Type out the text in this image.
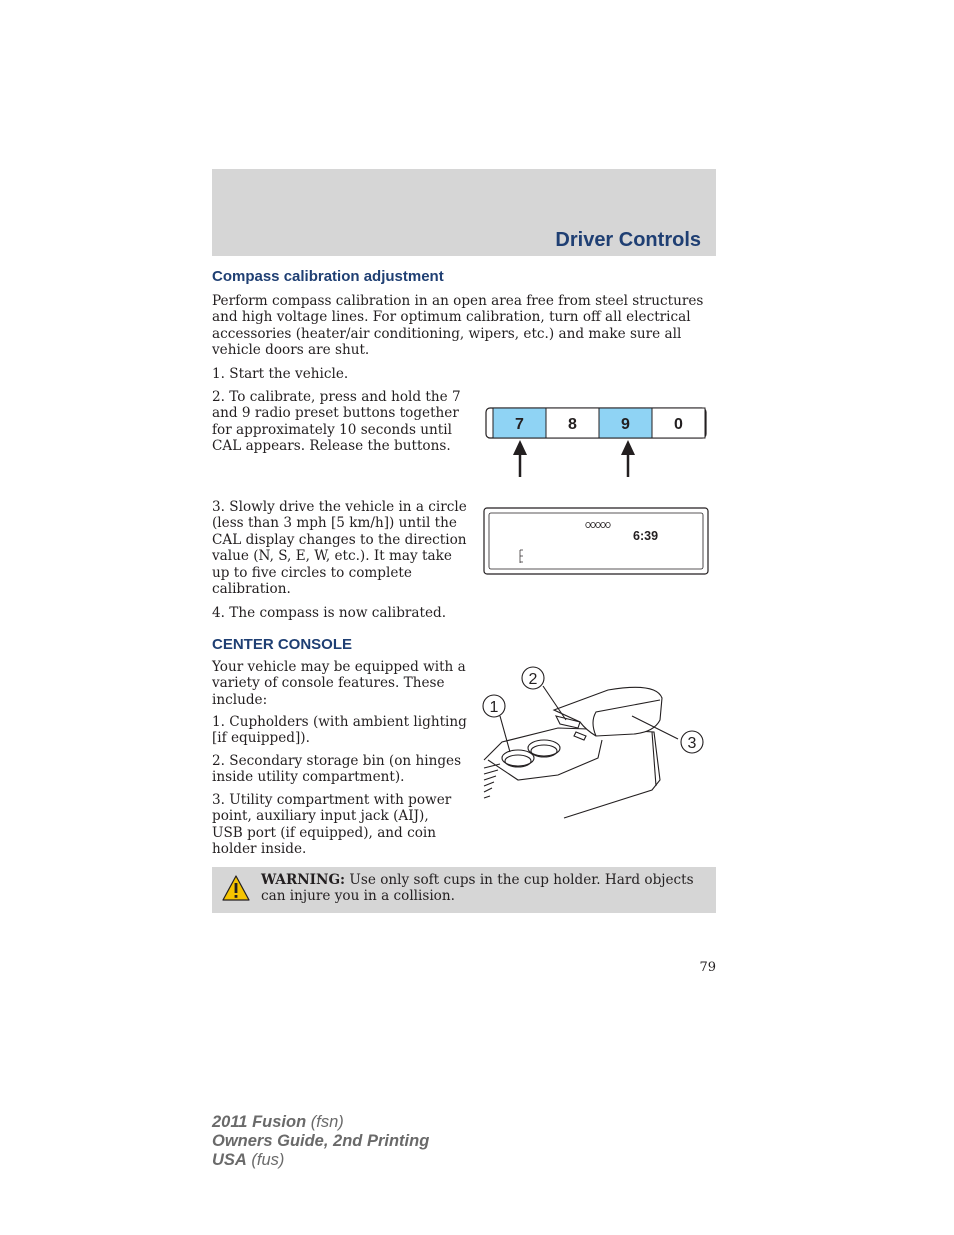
Driver Controls
Compass calibration adjustment
Perform compass calibration in an open area free from steel structures and high voltage lines. For optimum calibration, turn off all electrical accessories (heater/air conditioning, wipers, etc.) and make sure all vehicle doors are shut.
1. Start the vehicle.
2. To calibrate, press and hold the 7 and 9 radio preset buttons together for approximately 10 seconds until CAL appears. Release the buttons.
7	8	9	0
3. Slowly drive the vehicle in a circle (less than 3 mph [5 km/h]) until the CAL display changes to the direction value (N, S, E, W, etc.). It may take up to five circles to complete calibration.
6:39
4. The compass is now calibrated.
CENTER CONSOLE
Your vehicle may be equipped with a variety of console features. These include:
1. Cupholders (with ambient lighting [if equipped]).
2. Secondary storage bin (on hinges inside utility compartment).
3. Utility compartment with power point, auxiliary input jack (AIJ), USB port (if equipped), and coin holder inside.
1
2
3
WARNING: Use only soft cups in the cup holder. Hard objects can injure you in a collision.
79
2011 Fusion (fsn)
Owners Guide, 2nd Printing
USA (fus)
